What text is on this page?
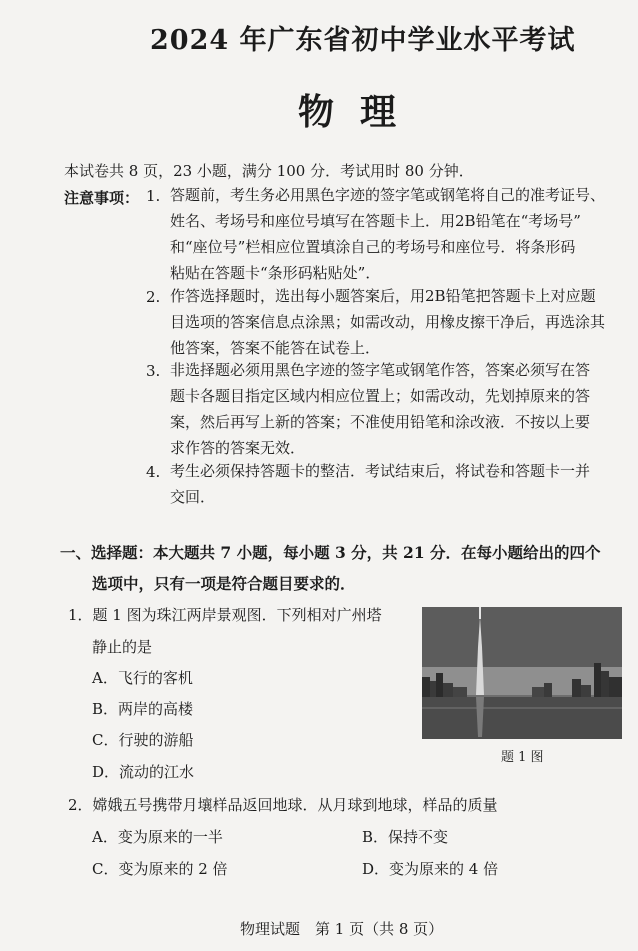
2024 年广东省初中学业水平考试
物理
本试卷共 8 页，23 小题，满分 100 分．考试用时 80 分钟．
注意事项： 1. 答题前，考生务必用黑色字迹的签字笔或钢笔将自己的准考证号、
姓名、考场号和座位号填写在答题卡上．用2B铅笔在“考场号”
和“座位号”栏相应位置填涂自己的考场号和座位号．将条形码
粘贴在答题卡“条形码粘贴处”．
2. 作答选择题时，选出每小题答案后，用2B铅笔把答题卡上对应题
目选项的答案信息点涂黑；如需改动，用橡皮擦干净后，再选涂其
他答案，答案不能答在试卷上．
3. 非选择题必须用黑色字迹的签字笔或钢笔作答，答案必须写在答
题卡各题目指定区域内相应位置上；如需改动，先划掉原来的答
案，然后再写上新的答案；不准使用铅笔和涂改液．不按以上要
求作答的答案无效．
4. 考生必须保持答题卡的整洁．考试结束后，将试卷和答题卡一并
交回．
一、选择题：本大题共 7 小题，每小题 3 分，共 21 分．在每小题给出的四个
选项中，只有一项是符合题目要求的．
1．题 1 图为珠江两岸景观图．下列相对广州塔
静止的是
A．飞行的客机
B．两岸的高楼
C．行驶的游船
D．流动的江水
题 1 图
2．嫦娥五号携带月壤样品返回地球．从月球到地球，样品的质量
A．变为原来的一半	B．保持不变
C．变为原来的 2 倍	D．变为原来的 4 倍
物理试题　第 1 页（共 8 页）
